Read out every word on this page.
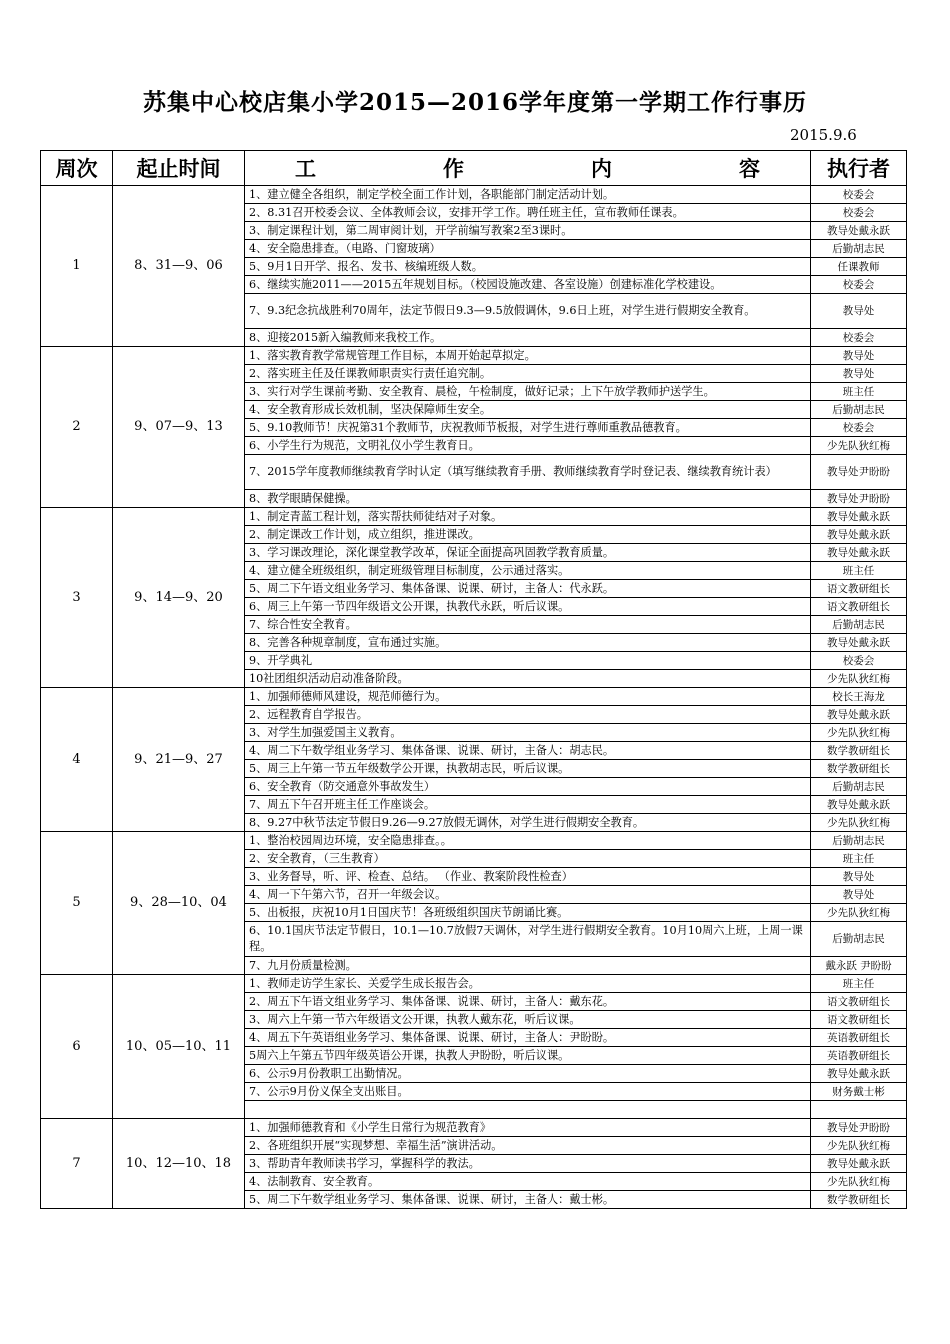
苏集中心校店集小学2015—2016学年度第一学期工作行事历
2015.9.6
周次	起止时间	工 作 内 容	执行者
1	8、31—9、06	1、建立健全各组织，制定学校全面工作计划，各职能部门制定活动计划。	校委会
		2、8.31召开校委会议、全体教师会议，安排开学工作。聘任班主任，宣布教师任课表。	校委会
		3、制定课程计划，第二周审阅计划，开学前编写教案2至3课时。	教导处戴永跃
		4、安全隐患排查。（电路、门窗玻璃）	后勤胡志民
		5、9月1日开学、报名、发书、核编班级人数。	任课教师
		6、继续实施2011——2015五年规划目标。（校园设施改建、各室设施）创建标准化学校建设。	校委会
		7、9.3纪念抗战胜利70周年，法定节假日9.3—9.5放假调休，9.6日上班，对学生进行假期安全教育。	教导处
		8、迎接2015新入编教师来我校工作。	校委会
2	9、07—9、13	1、落实教育教学常规管理工作目标，本周开始起草拟定。	教导处
		2、落实班主任及任课教师职责实行责任追究制。	教导处
		3、实行对学生课前考勤、安全教育、晨检，午检制度，做好记录；上下午放学教师护送学生。	班主任
		4、安全教育形成长效机制，坚决保障师生安全。	后勤胡志民
		5、9.10教师节！庆祝第31个教师节，庆祝教师节板报，对学生进行尊师重教品德教育。	校委会
		6、小学生行为规范，文明礼仪小学生教育日。	少先队狄红梅
		7、2015学年度教师继续教育学时认定（填写继续教育手册、教师继续教育学时登记表、继续教育统计表）	教导处尹盼盼
		8、教学眼睛保健操。	教导处尹盼盼
3	9、14—9、20	1、制定青蓝工程计划，落实帮扶师徒结对子对象。	教导处戴永跃
		2、制定课改工作计划，成立组织，推进课改。	教导处戴永跃
		3、学习课改理论，深化课堂教学改革，保证全面提高巩固教学教育质量。	教导处戴永跃
		4、建立健全班级组织，制定班级管理目标制度，公示通过落实。	班主任
		5、周二下午语文组业务学习、集体备课、说课、研讨，主备人：代永跃。	语文教研组长
		6、周三上午第一节四年级语文公开课，执教代永跃，听后议课。	语文教研组长
		7、综合性安全教育。	后勤胡志民
		8、完善各种规章制度，宣布通过实施。	教导处戴永跃
		9、开学典礼	校委会
		10社团组织活动启动准备阶段。	少先队狄红梅
4	9、21—9、27	1、加强师德师风建设，规范师德行为。	校长王海龙
		2、远程教育自学报告。	教导处戴永跃
		3、对学生加强爱国主义教育。	少先队狄红梅
		4、周二下午数学组业务学习、集体备课、说课、研讨，主备人：胡志民。	数学教研组长
		5、周三上午第一节五年级数学公开课，执教胡志民，听后议课。	数学教研组长
		6、安全教育（防交通意外事故发生）	后勤胡志民
		7、周五下午召开班主任工作座谈会。	教导处戴永跃
		8、9.27中秋节法定节假日9.26—9.27放假无调休，对学生进行假期安全教育。	少先队狄红梅
5	9、28—10、04	1、整治校园周边环境，安全隐患排查。。	后勤胡志民
		2、安全教育，（三生教育）	班主任
		3、业务督导，听、评、检查、总结。 （作业、教案阶段性检查）	教导处
		4、周一下午第六节，召开一年级会议。	教导处
		5、出板报，庆祝10月1日国庆节！各班级组织国庆节朗诵比赛。	少先队狄红梅
		6、10.1国庆节法定节假日，10.1—10.7放假7天调休，对学生进行假期安全教育。10月10周六上班，上周一课程。	后勤胡志民
		7、九月份质量检测。	戴永跃 尹盼盼
6	10、05—10、11	1、教师走访学生家长、关爱学生成长报告会。	班主任
		2、周五下午语文组业务学习、集体备课、说课、研讨，主备人：戴东花。	语文教研组长
		3、周六上午第一节六年级语文公开课，执教人戴东花，听后议课。	语文教研组长
		4、周五下午英语组业务学习、集体备课、说课、研讨，主备人：尹盼盼。	英语教研组长
		5周六上午第五节四年级英语公开课，执教人尹盼盼，听后议课。	英语教研组长
		6、公示9月份教职工出勤情况。	教导处戴永跃
		7、公示9月份义保全支出账目。	财务戴士彬

7	10、12—10、18	1、加强师德教育和《小学生日常行为规范教育》	教导处尹盼盼
		2、各班组织开展“实现梦想、幸福生活”演讲活动。	少先队狄红梅
		3、帮助青年教师读书学习，掌握科学的教法。	教导处戴永跃
		4、法制教育、安全教育。	少先队狄红梅
		5、周二下午数学组业务学习、集体备课、说课、研讨，主备人：戴士彬。	数学教研组长
